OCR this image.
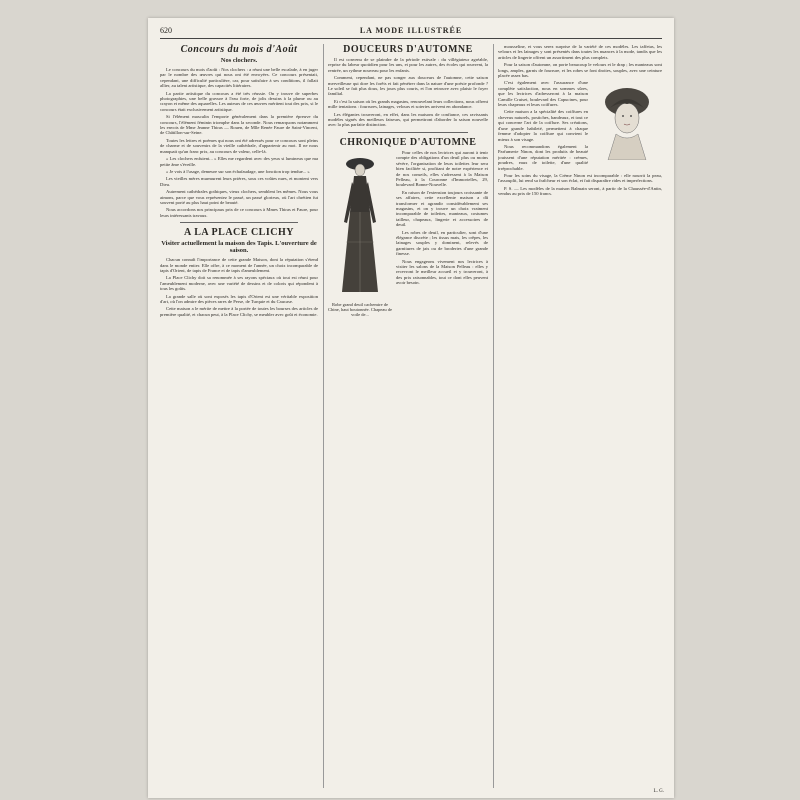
620	LA MODE ILLUSTRÉE
Concours du mois d'Août
Nos clochers.

Le concours du mois d'août : Nos clochers : a réuni une belle escalade, à en juger par le nombre des œuvres qui nous ont été envoyées. Ce concours présentait, cependant, une difficulté particulière, car, pour satisfaire à ses conditions, il fallait allier, au talent artistique, des capacités littéraires.

La partie artistique du concours a été très réussie. On y trouve de superbes photographies, une belle gravure à l'eau forte, de jolis dessins à la plume ou au crayon et même des aquarelles. Les auteurs de ces œuvres méritent tout des prix, si le concours était exclusivement artistique.

Si l'élément masculin l'emporte généralement dans la première épreuve du concours, l'élément féminin triomphe dans la seconde. Nous remarquons notamment les envois de Mme Jeanne Thiras — Rouen, de Mlle Renée Faure de Saint-Vincent, de Châtillon-sur-Seine.

Toutes les lettres et poèmes qui nous ont été adressés pour ce concours sont pleins de charme et de souvenirs de la vieille cathédrale, d'appartenir au mot. Il ne nous manquait qu'un franc prix, au concours de valeur, celle-là.

« Les clochers enfuient... » Elles me regardent avec des yeux si lumineux que ma petite âme s'éveille.

« Je vois à l'usage, demeure sur son échafaudage, une fonction trop tendue... »

Les vieilles mères murmurent leurs prières, sous ces voûtes nues, et montent vers Dieu.

Autrement cathédrales gothiques, vieux clochers, semblent les mêmes. Nous vous aimons, parce que vous représentez le passé, un passé glorieux, où l'art chrétien fut souvent porté au plus haut point de beauté.

Nous accordons nos principaux prix de ce concours à Mmes Thiras et Faure, pour leurs intéressants travaux.

A LA PLACE CLICHY
Visiter actuellement la maison des Tapis. L'ouverture de saison.

Chacun connaît l'importance de cette grande Maison, dont la réputation s'étend dans le monde entier. Elle offre, à ce moment de l'année, un choix incomparable de tapis d'Orient, de tapis de France et de tapis d'ameublement.

La Place Clichy doit sa renommée à ses rayons spéciaux où tout est réuni pour l'ameublement moderne, avec une variété de dessins et de coloris qui répondent à tous les goûts.

La grande salle où sont exposés les tapis d'Orient est une véritable exposition d'art, où l'on admire des pièces rares de Perse, de Turquie et du Caucase.

Cette maison a le mérite de mettre à la portée de toutes les bourses des articles de première qualité, et chacun peut, à la Place Clichy, se meubler avec goût et économie.

DOUCEURS D'AUTOMNE

Il est convenu de se plaindre de la période estivale : du villégiateur agréable, reprise du labeur quotidien pour les uns, et pour les autres, des écoles qui rouvrent, la rentrée, un rythme nouveau pour les enfants.

Comment, cependant, ne pas songer aux douceurs de l'automne, cette saison merveilleuse qui dore les forêts et fait pénétrer dans la nature d'une poésie profonde ? Le soleil se fait plus doux, les jours plus courts, et l'on retrouve avec plaisir le foyer familial.

Et c'est la saison où les grands magasins, renouvelant leurs collections, nous offrent mille tentations : fourrures, lainages, velours et soieries arrivent en abondance.

Les élégantes trouveront, en effet, dans les maisons de confiance, ces ravissants modèles signés des meilleurs faiseurs, qui permettront d'aborder la saison nouvelle avec la plus parfaite distinction.

CHRONIQUE D'AUTOMNE
Robe grand deuil cachemire de Chine, haut boutonnée. Chapeau de voile de...

Pour celles de nos lectrices qui auront à tenir compte des obligations d'un deuil plus ou moins sévère, l'organisation de leurs toilettes leur sera bien facilitée si, profitant de notre expérience et de nos conseils, elles s'adressent à la Maison Pelleau, à la Couronne d'Immortelles, 29, boulevard Bonne-Nouvelle.

En raison de l'extension toujours croissante de ses affaires, cette excellente maison a dû transformer et agrandir considérablement ses magasins, et on y trouve un choix vraiment incomparable de toilettes, manteaux, costumes tailleur, chapeaux, lingerie et accessoires de deuil.

Les robes de deuil, en particulier, sont d'une élégance discrète ; les tissus mats, les crêpes, les lainages souples y dominent, relevés de garnitures de jais ou de broderies d'une grande finesse.

Nous engageons vivement nos lectrices à visiter les salons de la Maison Pelleau : elles y recevront le meilleur accueil et y trouveront, à des prix raisonnables, tout ce dont elles peuvent avoir besoin.

mousseline, et vous serez surprise de la variété de ces modèles. Les taffetas, les velours et les lainages y sont présentés dans toutes les nuances à la mode, tandis que les articles de lingerie offrent un assortiment des plus complets.

Pour la saison d'automne, on porte beaucoup le velours et le drap ; les manteaux sont longs, amples, garnis de fourrure, et les robes se font droites, souples, avec une ceinture placée assez bas.

C'est également avec l'assurance d'une complète satisfaction, nous en sommes sûres, que les lectrices d'adresseront à la maison Camille Cruiset, boulevard des Capucines, pour leurs chapeaux et leurs coiffures.

Cette maison a la spécialité des coiffures en cheveux naturels, postiches, bandeaux, et tout ce qui concerne l'art de la coiffure. Ses créations, d'une grande habileté, permettent à chaque femme d'adopter la coiffure qui convient le mieux à son visage.

Nous recommandons également la Parfumerie Ninon, dont les produits de beauté jouissent d'une réputation méritée : crèmes, poudres, eaux de toilette, d'une qualité irréprochable.

Pour les soins du visage, la Crème Ninon est incomparable : elle nourrit la peau, l'assouplit, lui rend sa fraîcheur et son éclat, et fait disparaître rides et imperfections.

P. S. — Les modèles de la maison Balmain seront, à partir de la Chaussée-d'Antin, vendus au prix de 150 francs.

L. G.
